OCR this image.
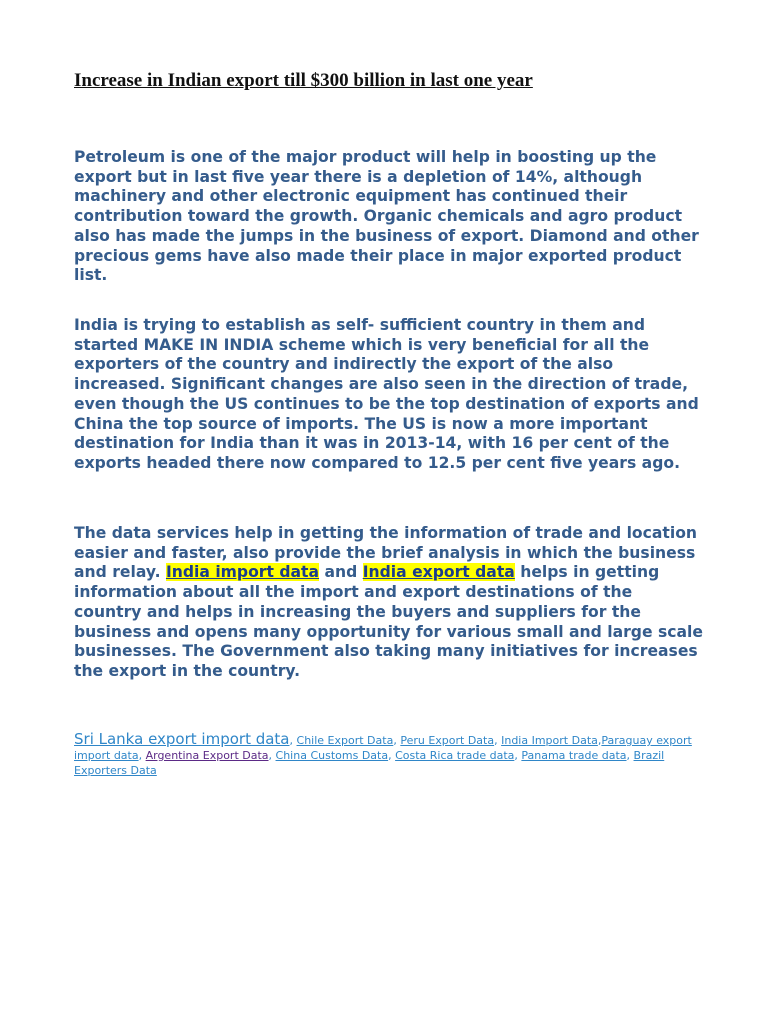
Increase in Indian export till $300 billion in last one year

Petroleum is one of the major product will help in boosting up the export but in last five year there is a depletion of 14%, although machinery and other electronic equipment has continued their contribution toward the growth. Organic chemicals and agro product also has made the jumps in the business of export. Diamond and other precious gems have also made their place in major exported product list.

India is trying to establish as self- sufficient country in them and started MAKE IN INDIA scheme which is very beneficial for all the exporters of the country and indirectly the export of the also increased. Significant changes are also seen in the direction of trade, even though the US continues to be the top destination of exports and China the top source of imports. The US is now a more important destination for India than it was in 2013-14, with 16 per cent of the exports headed there now compared to 12.5 per cent five years ago.

The data services help in getting the information of trade and location easier and faster, also provide the brief analysis in which the business and relay. India import data and India export data helps in getting information about all the import and export destinations of the country and helps in increasing the buyers and suppliers for the business and opens many opportunity for various small and large scale businesses. The Government also taking many initiatives for increases the export in the country.

Sri Lanka export import data, Chile Export Data, Peru Export Data, India Import Data,Paraguay export import data, Argentina Export Data, China Customs Data, Costa Rica trade data, Panama trade data, Brazil Exporters Data
